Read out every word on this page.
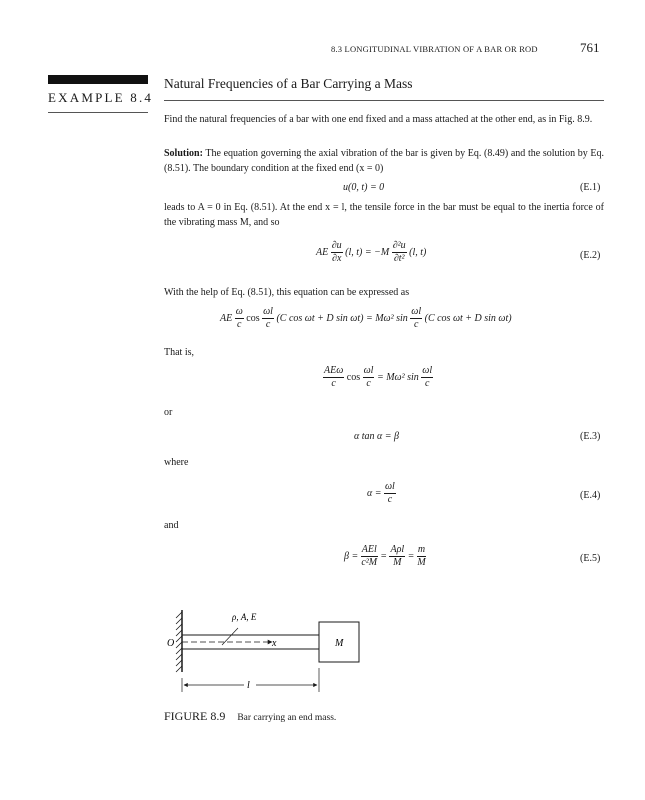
8.3 LONGITUDINAL VIBRATION OF A BAR OR ROD	761
EXAMPLE 8.4
Natural Frequencies of a Bar Carrying a Mass
Find the natural frequencies of a bar with one end fixed and a mass attached at the other end, as in Fig. 8.9.
Solution: The equation governing the axial vibration of the bar is given by Eq. (8.49) and the solution by Eq. (8.51). The boundary condition at the fixed end (x = 0)
u(0, t) = 0	(E.1)
leads to A = 0 in Eq. (8.51). At the end x = l, the tensile force in the bar must be equal to the inertia force of the vibrating mass M, and so
AE $\frac{\partial u}{\partial x} (l$, $t) = -M \frac{\text{∂²u}}{\text{∂t²}} (l$, t)	(E.2)
With the help of Eq. (8.51), this equation can be expressed as
AE $\frac{\omega}{c}$ $\cos \frac{\omega l}{c} (C$ cos ωt + D sin ωt) = Mω² $\sin \frac{\omega l}{c} (C$ cos ωt + D sin ωt)
That is,
$\frac{\text{AEω}}{c}$ $\cos \frac{\omega l}{c} = M\omega^2$ $\sin \frac{\omega l}{c}$
or
α tan α = β	(E.3)
where
$\alpha = \frac{\omega l}{c}$	(E.4)
and
$\beta = \frac{\text{AEl}}{\text{c²M}} = \frac{\text{Aρl}}{M} = \frac{m}{M}$	(E.5)
O
ρ, A, E
x	M
l
FIGURE 8.9 Bar carrying an end mass.
